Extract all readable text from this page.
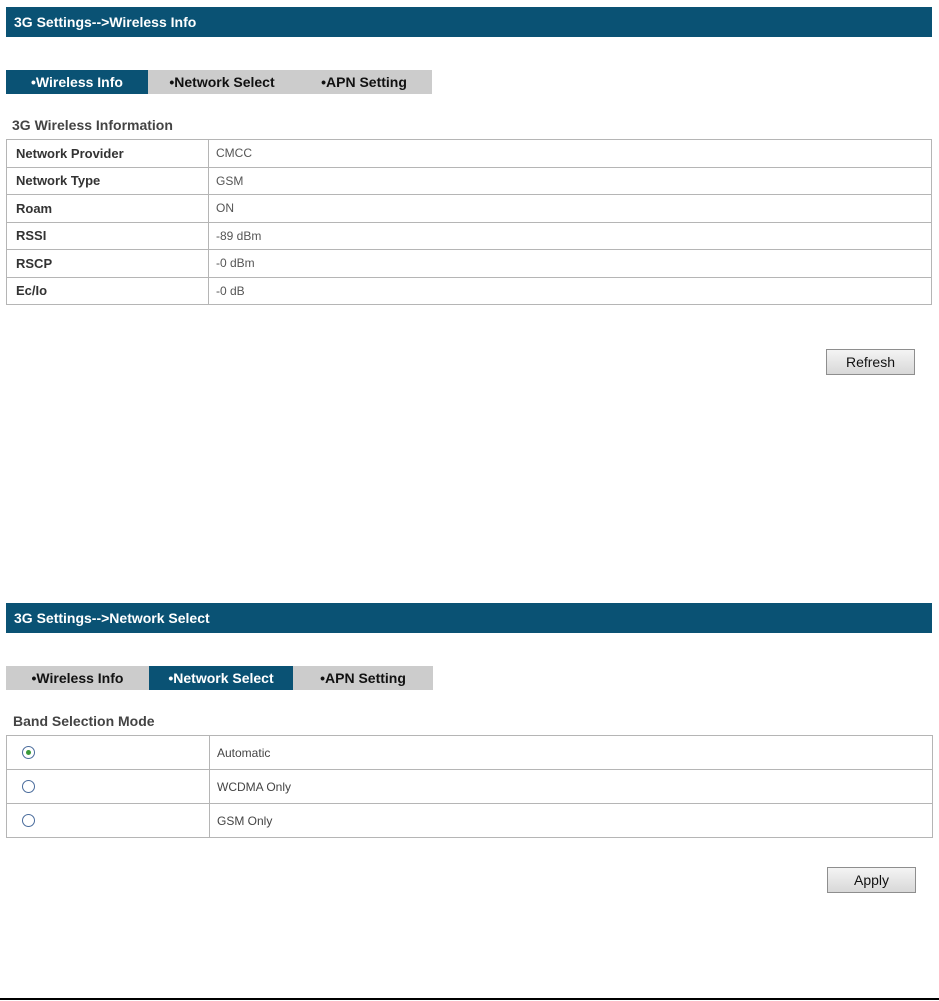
3G Settings-->Wireless Info
•Wireless Info	•Network Select	•APN Setting
3G Wireless Information
Network Provider	CMCC
Network Type	GSM
Roam	ON
RSSI	-89 dBm
RSCP	-0 dBm
Ec/Io	-0 dB
Refresh
3G Settings-->Network Select
•Wireless Info	•Network Select	•APN Setting
Band Selection Mode
	Automatic
	WCDMA Only
	GSM Only
Apply
